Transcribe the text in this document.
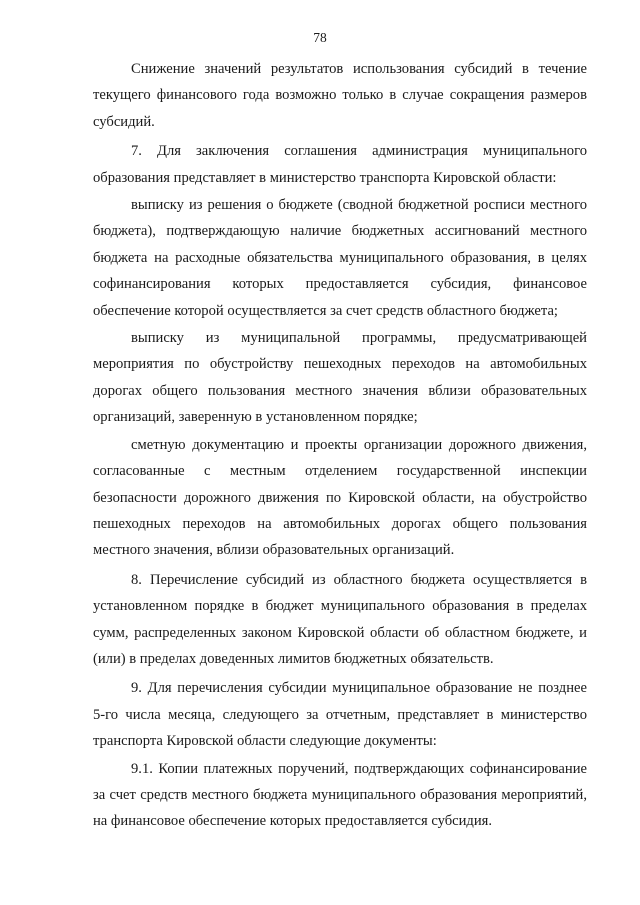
78

Снижение значений результатов использования субсидий в течение текущего финансового года возможно только в случае сокращения размеров субсидий.

7. Для заключения соглашения администрация муниципального образования представляет в министерство транспорта Кировской области:

выписку из решения о бюджете (сводной бюджетной росписи местного бюджета), подтверждающую наличие бюджетных ассигнований местного бюджета на расходные обязательства муниципального образования, в целях софинансирования которых предоставляется субсидия, финансовое обеспечение которой осуществляется за счет средств областного бюджета;

выписку из муниципальной программы, предусматривающей мероприятия по обустройству пешеходных переходов на автомобильных дорогах общего пользования местного значения вблизи образовательных организаций, заверенную в установленном порядке;

сметную документацию и проекты организации дорожного движения, согласованные с местным отделением государственной инспекции безопасности дорожного движения по Кировской области, на обустройство пешеходных переходов на автомобильных дорогах общего пользования местного значения, вблизи образовательных организаций.

8. Перечисление субсидий из областного бюджета осуществляется в установленном порядке в бюджет муниципального образования в пределах сумм, распределенных законом Кировской области об областном бюджете, и (или) в пределах доведенных лимитов бюджетных обязательств.

9. Для перечисления субсидии муниципальное образование не позднее 5-го числа месяца, следующего за отчетным, представляет в министерство транспорта Кировской области следующие документы:

9.1. Копии платежных поручений, подтверждающих софинансирование за счет средств местного бюджета муниципального образования мероприятий, на финансовое обеспечение которых предоставляется субсидия.
